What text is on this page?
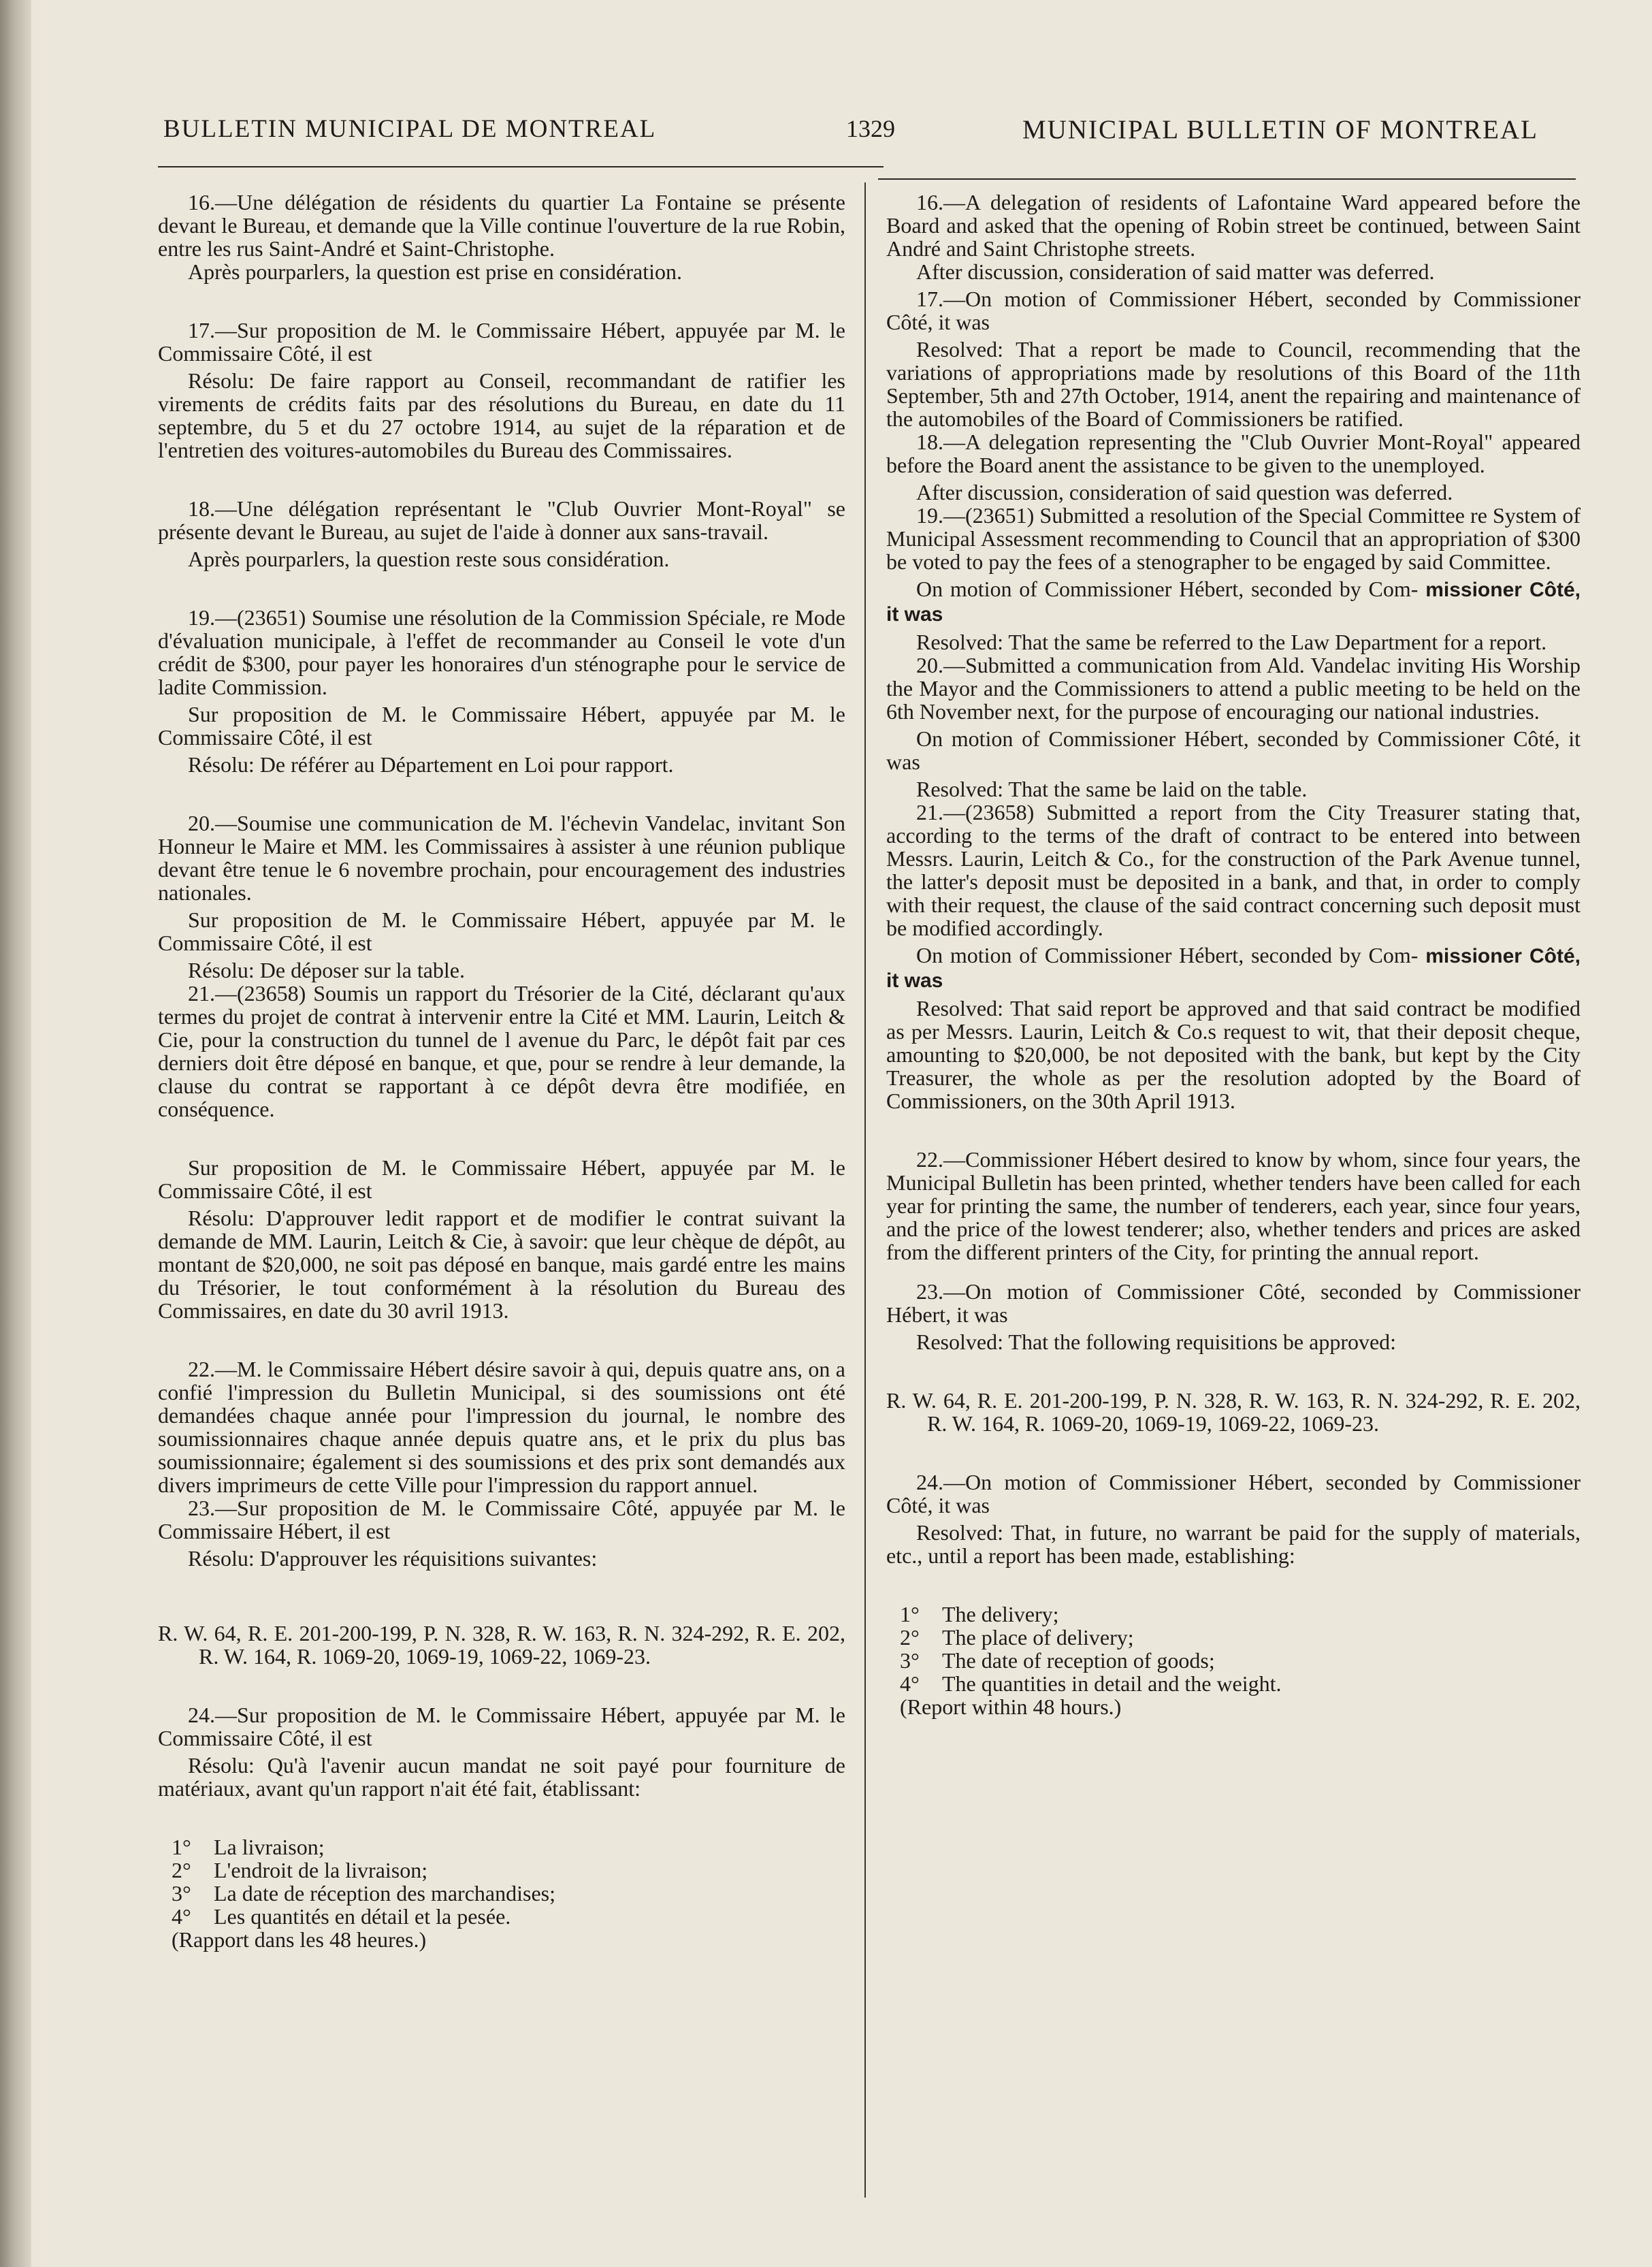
BULLETIN MUNICIPAL DE MONTREAL	1329	MUNICIPAL BULLETIN OF MONTREAL

16.—Une délégation de résidents du quartier La Fontaine se présente devant le Bureau, et demande que la Ville continue l'ouverture de la rue Robin, entre les rus Saint-André et Saint-Christophe.

Après pourparlers, la question est prise en considération.

17.—Sur proposition de M. le Commissaire Hébert, appuyée par M. le Commissaire Côté, il est

Résolu: De faire rapport au Conseil, recommandant de ratifier les virements de crédits faits par des résolutions du Bureau, en date du 11 septembre, du 5 et du 27 octobre 1914, au sujet de la réparation et de l'entretien des voitures-automobiles du Bureau des Commissaires.

18.—Une délégation représentant le "Club Ouvrier Mont-Royal" se présente devant le Bureau, au sujet de l'aide à donner aux sans-travail.

Après pourparlers, la question reste sous considération.

19.—(23651) Soumise une résolution de la Commission Spéciale, re Mode d'évaluation municipale, à l'effet de recommander au Conseil le vote d'un crédit de $300, pour payer les honoraires d'un sténographe pour le service de ladite Commission.

Sur proposition de M. le Commissaire Hébert, appuyée par M. le Commissaire Côté, il est

Résolu: De référer au Département en Loi pour rapport.

20.—Soumise une communication de M. l'échevin Vandelac, invitant Son Honneur le Maire et MM. les Commissaires à assister à une réunion publique devant être tenue le 6 novembre prochain, pour encouragement des industries nationales.

Sur proposition de M. le Commissaire Hébert, appuyée par M. le Commissaire Côté, il est

Résolu: De déposer sur la table.

21.—(23658) Soumis un rapport du Trésorier de la Cité, déclarant qu'aux termes du projet de contrat à intervenir entre la Cité et MM. Laurin, Leitch & Cie, pour la construction du tunnel de l avenue du Parc, le dépôt fait par ces derniers doit être déposé en banque, et que, pour se rendre à leur demande, la clause du contrat se rapportant à ce dépôt devra être modifiée, en conséquence.

Sur proposition de M. le Commissaire Hébert, appuyée par M. le Commissaire Côté, il est

Résolu: D'approuver ledit rapport et de modifier le contrat suivant la demande de MM. Laurin, Leitch & Cie, à savoir: que leur chèque de dépôt, au montant de $20,000, ne soit pas déposé en banque, mais gardé entre les mains du Trésorier, le tout conformément à la résolution du Bureau des Commissaires, en date du 30 avril 1913.

22.—M. le Commissaire Hébert désire savoir à qui, depuis quatre ans, on a confié l'impression du Bulletin Municipal, si des soumissions ont été demandées chaque année pour l'impression du journal, le nombre des soumissionnaires chaque année depuis quatre ans, et le prix du plus bas soumissionnaire; également si des soumissions et des prix sont demandés aux divers imprimeurs de cette Ville pour l'impression du rapport annuel.

23.—Sur proposition de M. le Commissaire Côté, appuyée par M. le Commissaire Hébert, il est

Résolu: D'approuver les réquisitions suivantes:

R. W. 64, R. E. 201-200-199, P. N. 328, R. W. 163, R. N. 324-292, R. E. 202, R. W. 164, R. 1069-20, 1069-19, 1069-22, 1069-23.

24.—Sur proposition de M. le Commissaire Hébert, appuyée par M. le Commissaire Côté, il est

Résolu: Qu'à l'avenir aucun mandat ne soit payé pour fourniture de matériaux, avant qu'un rapport n'ait été fait, établissant:

1° La livraison;
2° L'endroit de la livraison;
3° La date de réception des marchandises;
4° Les quantités en détail et la pesée.
(Rapport dans les 48 heures.)

16.—A delegation of residents of Lafontaine Ward appeared before the Board and asked that the opening of Robin street be continued, between Saint André and Saint Christophe streets.

After discussion, consideration of said matter was deferred.

17.—On motion of Commissioner Hébert, seconded by Commissioner Côté, it was

Resolved: That a report be made to Council, recommending that the variations of appropriations made by resolutions of this Board of the 11th September, 5th and 27th October, 1914, anent the repairing and maintenance of the automobiles of the Board of Commissioners be ratified.

18.—A delegation representing the "Club Ouvrier Mont-Royal" appeared before the Board anent the assistance to be given to the unemployed.

After discussion, consideration of said question was deferred.

19.—(23651) Submitted a resolution of the Special Committee re System of Municipal Assessment recommending to Council that an appropriation of $300 be voted to pay the fees of a stenographer to be engaged by said Committee.

On motion of Commissioner Hébert, seconded by Com- missioner Côté, it was

Resolved: That the same be referred to the Law Department for a report.

20.—Submitted a communication from Ald. Vandelac inviting His Worship the Mayor and the Commissioners to attend a public meeting to be held on the 6th November next, for the purpose of encouraging our national industries.

On motion of Commissioner Hébert, seconded by Commissioner Côté, it was

Resolved: That the same be laid on the table.

21.—(23658) Submitted a report from the City Treasurer stating that, according to the terms of the draft of contract to be entered into between Messrs. Laurin, Leitch & Co., for the construction of the Park Avenue tunnel, the latter's deposit must be deposited in a bank, and that, in order to comply with their request, the clause of the said contract concerning such deposit must be modified accordingly.

On motion of Commissioner Hébert, seconded by Com- missioner Côté, it was

Resolved: That said report be approved and that said contract be modified as per Messrs. Laurin, Leitch & Co.s request to wit, that their deposit cheque, amounting to $20,000, be not deposited with the bank, but kept by the City Treasurer, the whole as per the resolution adopted by the Board of Commissioners, on the 30th April 1913.

22.—Commissioner Hébert desired to know by whom, since four years, the Municipal Bulletin has been printed, whether tenders have been called for each year for printing the same, the number of tenderers, each year, since four years, and the price of the lowest tenderer; also, whether tenders and prices are asked from the different printers of the City, for printing the annual report.

23.—On motion of Commissioner Côté, seconded by Commissioner Hébert, it was

Resolved: That the following requisitions be approved:

R. W. 64, R. E. 201-200-199, P. N. 328, R. W. 163, R. N. 324-292, R. E. 202, R. W. 164, R. 1069-20, 1069-19, 1069-22, 1069-23.

24.—On motion of Commissioner Hébert, seconded by Commissioner Côté, it was

Resolved: That, in future, no warrant be paid for the supply of materials, etc., until a report has been made, establishing:

1° The delivery;
2° The place of delivery;
3° The date of reception of goods;
4° The quantities in detail and the weight.
(Report within 48 hours.)
